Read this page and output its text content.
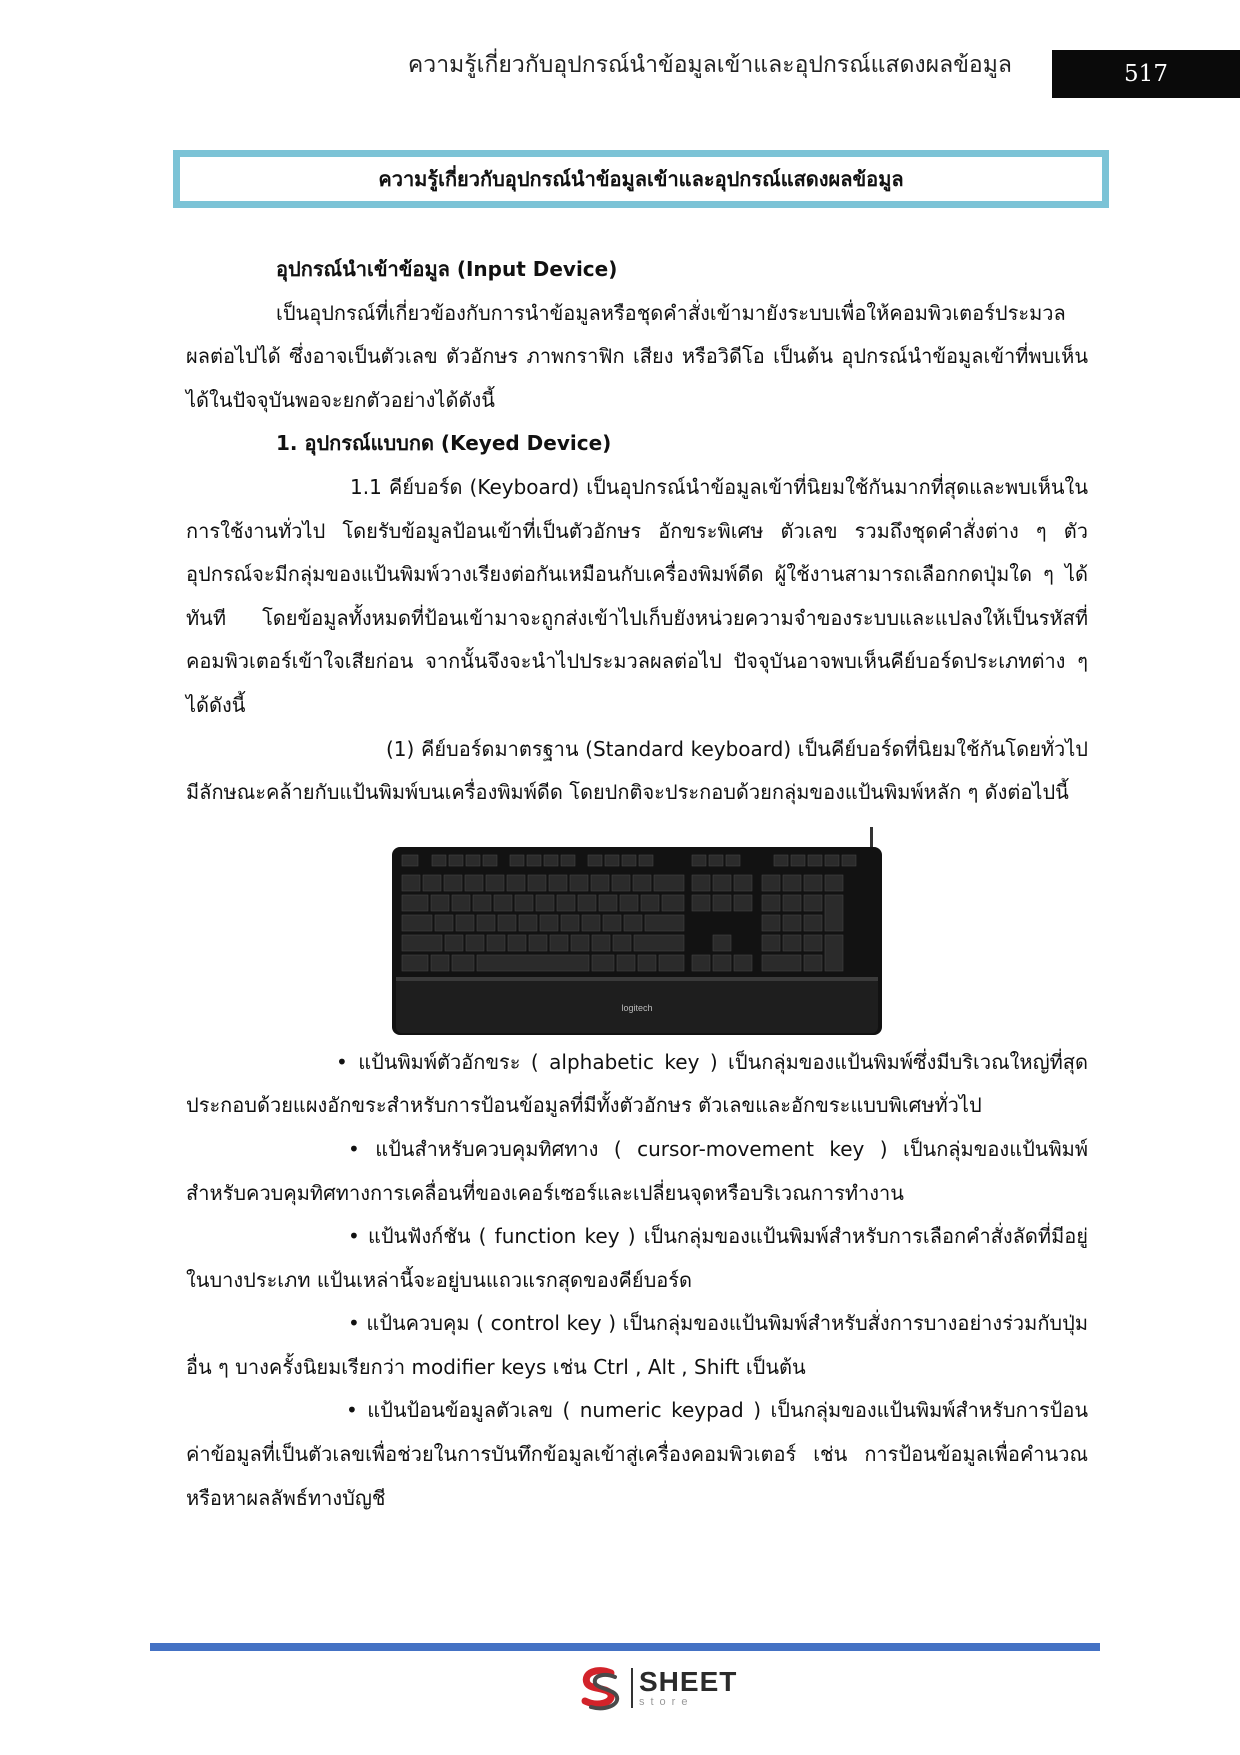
ความรู้เกี่ยวกับอุปกรณ์นำข้อมูลเข้าและอุปกรณ์แสดงผลข้อมูล	517
ความรู้เกี่ยวกับอุปกรณ์นำข้อมูลเข้าและอุปกรณ์แสดงผลข้อมูล

อุปกรณ์นำเข้าข้อมูล (Input Device)

เป็นอุปกรณ์ที่เกี่ยวข้องกับการนำข้อมูลหรือชุดคำสั่งเข้ามายังระบบเพื่อให้คอมพิวเตอร์ประมวลผลต่อไปได้ ซึ่งอาจเป็นตัวเลข ตัวอักษร ภาพกราฟิก เสียง หรือวิดีโอ เป็นต้น อุปกรณ์นำข้อมูลเข้าที่พบเห็นได้ในปัจจุบันพอจะยกตัวอย่างได้ดังนี้

1. อุปกรณ์แบบกด (Keyed Device)

1.1 คีย์บอร์ด (Keyboard) เป็นอุปกรณ์นำข้อมูลเข้าที่นิยมใช้กันมากที่สุดและพบเห็นในการใช้งานทั่วไป โดยรับข้อมูลป้อนเข้าที่เป็นตัวอักษร อักขระพิเศษ ตัวเลข รวมถึงชุดคำสั่งต่าง ๆ ตัวอุปกรณ์จะมีกลุ่มของแป้นพิมพ์วางเรียงต่อกันเหมือนกับเครื่องพิมพ์ดีด ผู้ใช้งานสามารถเลือกกดปุ่มใด ๆ ได้ทันที โดยข้อมูลทั้งหมดที่ป้อนเข้ามาจะถูกส่งเข้าไปเก็บยังหน่วยความจำของระบบและแปลงให้เป็นรหัสที่คอมพิวเตอร์เข้าใจเสียก่อน จากนั้นจึงจะนำไปประมวลผลต่อไป ปัจจุบันอาจพบเห็นคีย์บอร์ดประเภทต่าง ๆ ได้ดังนี้

(1) คีย์บอร์ดมาตรฐาน (Standard keyboard) เป็นคีย์บอร์ดที่นิยมใช้กันโดยทั่วไป มีลักษณะคล้ายกับแป้นพิมพ์บนเครื่องพิมพ์ดีด โดยปกติจะประกอบด้วยกลุ่มของแป้นพิมพ์หลัก ๆ ดังต่อไปนี้

logitech

• แป้นพิมพ์ตัวอักขระ ( alphabetic key ) เป็นกลุ่มของแป้นพิมพ์ซึ่งมีบริเวณใหญ่ที่สุด ประกอบด้วยแผงอักขระสำหรับการป้อนข้อมูลที่มีทั้งตัวอักษร ตัวเลขและอักขระแบบพิเศษทั่วไป

• แป้นสำหรับควบคุมทิศทาง ( cursor-movement key ) เป็นกลุ่มของแป้นพิมพ์สำหรับควบคุมทิศทางการเคลื่อนที่ของเคอร์เซอร์และเปลี่ยนจุดหรือบริเวณการทำงาน

• แป้นฟังก์ชัน ( function key ) เป็นกลุ่มของแป้นพิมพ์สำหรับการเลือกคำสั่งลัดที่มีอยู่ในบางประเภท แป้นเหล่านี้จะอยู่บนแถวแรกสุดของคีย์บอร์ด

• แป้นควบคุม ( control key ) เป็นกลุ่มของแป้นพิมพ์สำหรับสั่งการบางอย่างร่วมกับปุ่มอื่น ๆ บางครั้งนิยมเรียกว่า modifier keys เช่น Ctrl , Alt , Shift เป็นต้น

• แป้นป้อนข้อมูลตัวเลข ( numeric keypad ) เป็นกลุ่มของแป้นพิมพ์สำหรับการป้อนค่าข้อมูลที่เป็นตัวเลขเพื่อช่วยในการบันทึกข้อมูลเข้าสู่เครื่องคอมพิวเตอร์ เช่น การป้อนข้อมูลเพื่อคำนวณหรือหาผลลัพธ์ทางบัญชี

SHEET
store
